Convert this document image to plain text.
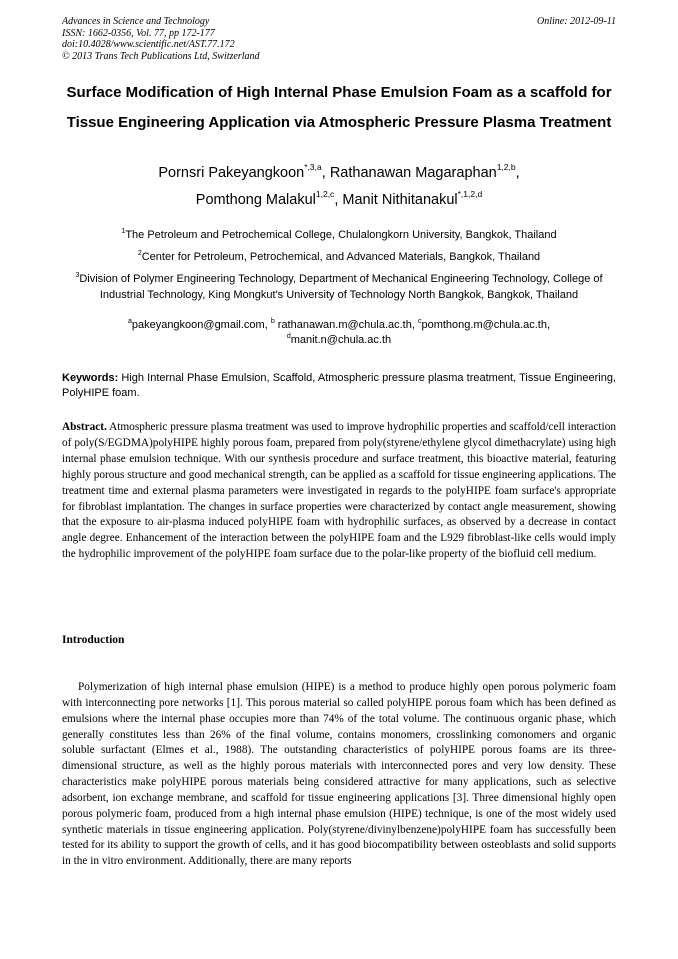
Advances in Science and Technology
ISSN: 1662-0356, Vol. 77, pp 172-177
doi:10.4028/www.scientific.net/AST.77.172
© 2013 Trans Tech Publications Ltd, Switzerland
Online: 2012-09-11
Surface Modification of High Internal Phase Emulsion Foam as a scaffold for Tissue Engineering Application via Atmospheric Pressure Plasma Treatment
Pornsri Pakeyangkoon$^{*,3,a}$, Rathanawan Magaraphan$^{1,2,b}$,
Pomthong Malakul$^{1,2,c}$, Manit Nithitanakul$^{*,1,2,d}$

$^1$The Petroleum and Petrochemical College, Chulalongkorn University, Bangkok, Thailand

$^2$Center for Petroleum, Petrochemical, and Advanced Materials, Bangkok, Thailand

$^3$Division of Polymer Engineering Technology, Department of Mechanical Engineering Technology, College of Industrial Technology, King Mongkut's University of Technology North Bangkok, Bangkok, Thailand

$^a$pakeyangkoon@gmail.com, $^b$ rathanawan.m@chula.ac.th, $^c$pomthong.m@chula.ac.th,
$^d$manit.n@chula.ac.th
Keywords: High Internal Phase Emulsion, Scaffold, Atmospheric pressure plasma treatment, Tissue Engineering, PolyHIPE foam.

Abstract. Atmospheric pressure plasma treatment was used to improve hydrophilic properties and scaffold/cell interaction of poly(S/EGDMA)polyHIPE highly porous foam, prepared from poly(styrene/ethylene glycol dimethacrylate) using high internal phase emulsion technique. With our synthesis procedure and surface treatment, this bioactive material, featuring highly porous structure and good mechanical strength, can be applied as a scaffold for tissue engineering applications. The treatment time and external plasma parameters were investigated in regards to the polyHIPE foam surface's appropriate for fibroblast implantation. The changes in surface properties were characterized by contact angle measurement, showing that the exposure to air-plasma induced polyHIPE foam with hydrophilic surfaces, as observed by a decrease in contact angle degree. Enhancement of the interaction between the polyHIPE foam and the L929 fibroblast-like cells would imply the hydrophilic improvement of the polyHIPE foam surface due to the polar-like property of the biofluid cell medium.

Introduction

Polymerization of high internal phase emulsion (HIPE) is a method to produce highly open porous polymeric foam with interconnecting pore networks [1]. This porous material so called polyHIPE porous foam which has been defined as emulsions where the internal phase occupies more than 74% of the total volume. The continuous organic phase, which generally constitutes less than 26% of the final volume, contains monomers, crosslinking comonomers and organic soluble surfactant (Elmes et al., 1988). The outstanding characteristics of polyHIPE porous foams are its three-dimensional structure, as well as the highly porous materials with interconnected pores and very low density. These characteristics make polyHIPE porous materials being considered attractive for many applications, such as selective adsorbent, ion exchange membrane, and scaffold for tissue engineering applications [3]. Three dimensional highly open porous polymeric foam, produced from a high internal phase emulsion (HIPE) technique, is one of the most widely used synthetic materials in tissue engineering application. Poly(styrene/divinylbenzene)polyHIPE foam has successfully been tested for its ability to support the growth of cells, and it has good biocompatibility between osteoblasts and solid supports in the in vitro environment. Additionally, there are many reports
